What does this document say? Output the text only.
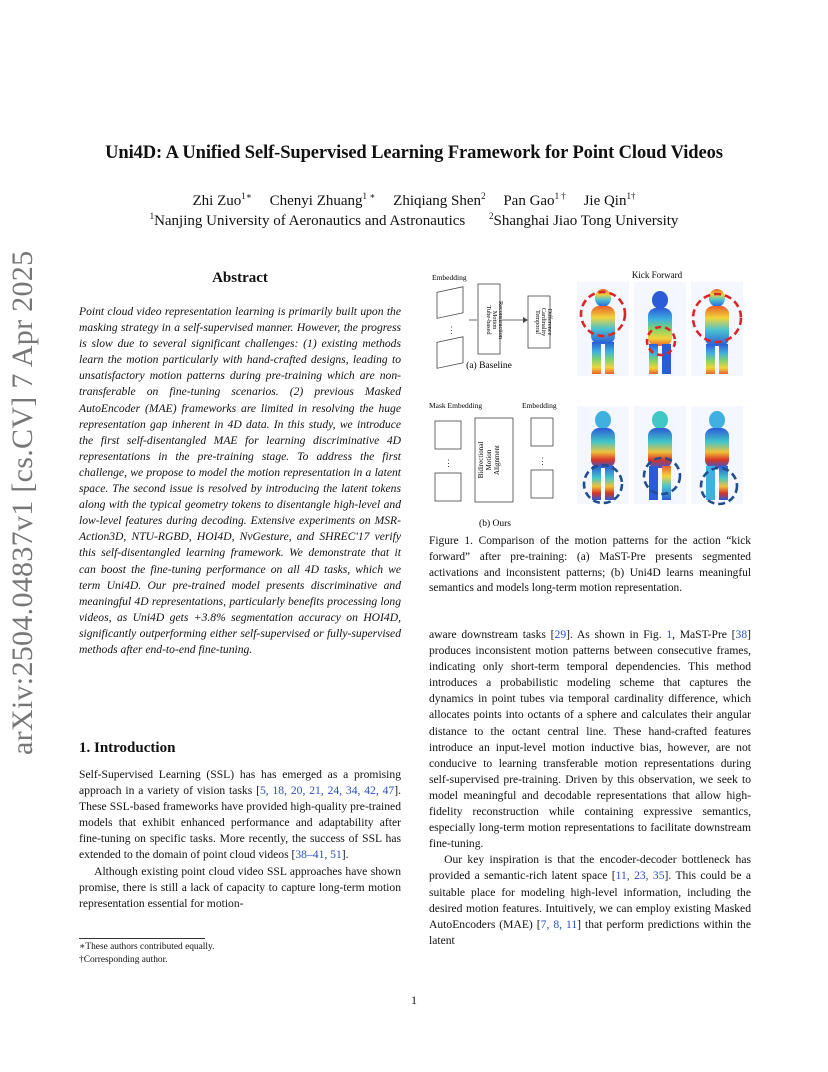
Uni4D: A Unified Self-Supervised Learning Framework for Point Cloud Videos
Zhi Zuo$^{1∗}$ Chenyi Zhuang$^{1 ∗}$ Zhiqiang Shen$^2$ Pan Gao$^{1 \dagger}$ Jie Qin$^{1\dagger}$
$^1$Nanjing University of Aeronautics and Astronautics	$^2$Shanghai Jiao Tong University
arXiv:2504.04837v1 [cs.CV] 7 Apr 2025	Abstract
Point cloud video representation learning is primarily built upon the masking strategy in a self-supervised manner. However, the progress is slow due to several significant challenges: (1) existing methods learn the motion particularly with hand-crafted designs, leading to unsatisfactory motion patterns during pre-training which are non-transferable on fine-tuning scenarios. (2) previous Masked AutoEncoder (MAE) frameworks are limited in resolving the huge representation gap inherent in 4D data. In this study, we introduce the first self-disentangled MAE for learning discriminative 4D representations in the pre-training stage. To address the first challenge, we propose to model the motion representation in a latent space. The second issue is resolved by introducing the latent tokens along with the typical geometry tokens to disentangle high-level and low-level features during decoding. Extensive experiments on MSR-Action3D, NTU-RGBD, HOI4D, NvGesture, and SHREC'17 verify this self-disentangled learning framework. We demonstrate that it can boost the fine-tuning performance on all 4D tasks, which we term Uni4D. Our pre-trained model presents discriminative and meaningful 4D representations, particularly benefits processing long videos, as Uni4D gets +3.8% segmentation accuracy on HOI4D, significantly outperforming either self-supervised or fully-supervised methods after end-to-end fine-tuning.
1. Introduction

Self-Supervised Learning (SSL) has has emerged as a promising approach in a variety of vision tasks [5, 18, 20, 21, 24, 34, 42, 47]. These SSL-based frameworks have provided high-quality pre-trained models that exhibit enhanced performance and adaptability after fine-tuning on specific tasks. More recently, the success of SSL has extended to the domain of point cloud videos [38–41, 51].

Although existing point cloud video SSL approaches have shown promise, there is still a lack of capacity to capture long-term motion representation essential for motion-

∗These authors contributed equally.
†Corresponding author.
Embedding
⋮	Tube-based Motion Reconstruction	Temporal Cardinality Difference
(a) Baseline
Kick Forward
Mask Embedding	Embedding
⋮	⋮
Bidirectional Motion Alignment
(b) Ours
Figure 1. Comparison of the motion patterns for the action “kick forward” after pre-training: (a) MaST-Pre presents segmented activations and inconsistent patterns; (b) Uni4D learns meaningful semantics and models long-term motion representation.

aware downstream tasks [29]. As shown in Fig. 1, MaST-Pre [38] produces inconsistent motion patterns between consecutive frames, indicating only short-term temporal dependencies. This method introduces a probabilistic modeling scheme that captures the dynamics in point tubes via temporal cardinality difference, which allocates points into octants of a sphere and calculates their angular distance to the octant central line. These hand-crafted features introduce an input-level motion inductive bias, however, are not conducive to learning transferable motion representations during self-supervised pre-training. Driven by this observation, we seek to model meaningful and decodable representations that allow high-fidelity reconstruction while containing expressive semantics, especially long-term motion representations to facilitate downstream fine-tuning.

Our key inspiration is that the encoder-decoder bottleneck has provided a semantic-rich latent space [11, 23, 35]. This could be a suitable place for modeling high-level information, including the desired motion features. Intuitively, we can employ existing Masked AutoEncoders (MAE) [7, 8, 11] that perform predictions within the latent

1
